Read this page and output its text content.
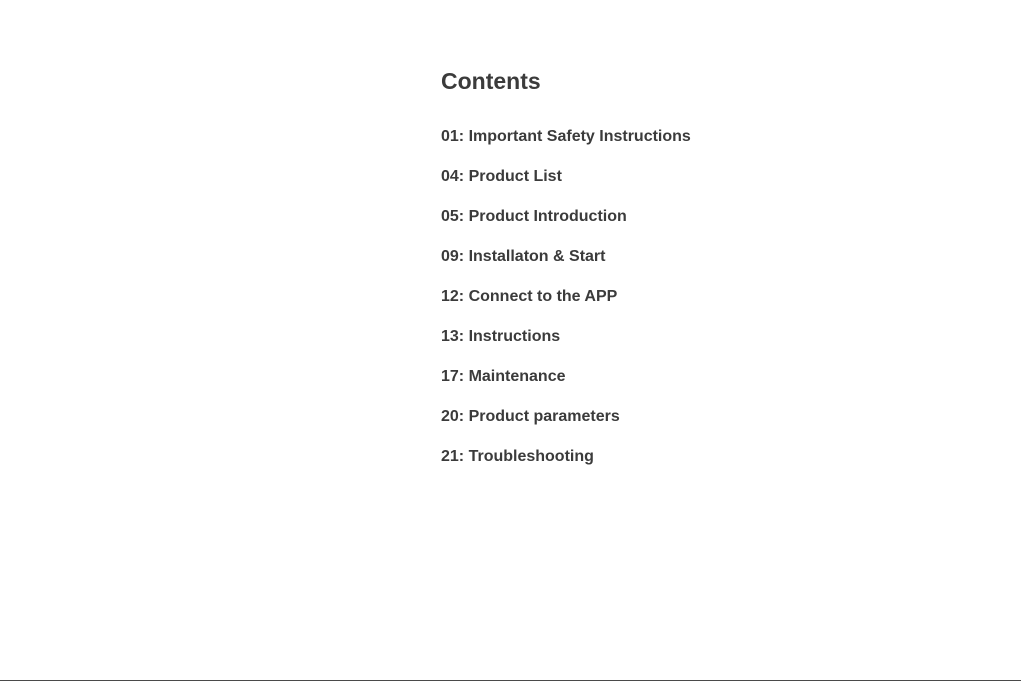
Contents
01: Important Safety Instructions
04: Product List
05: Product Introduction
09: Installaton & Start
12: Connect to the APP
13: Instructions
17: Maintenance
20: Product parameters
21: Troubleshooting
